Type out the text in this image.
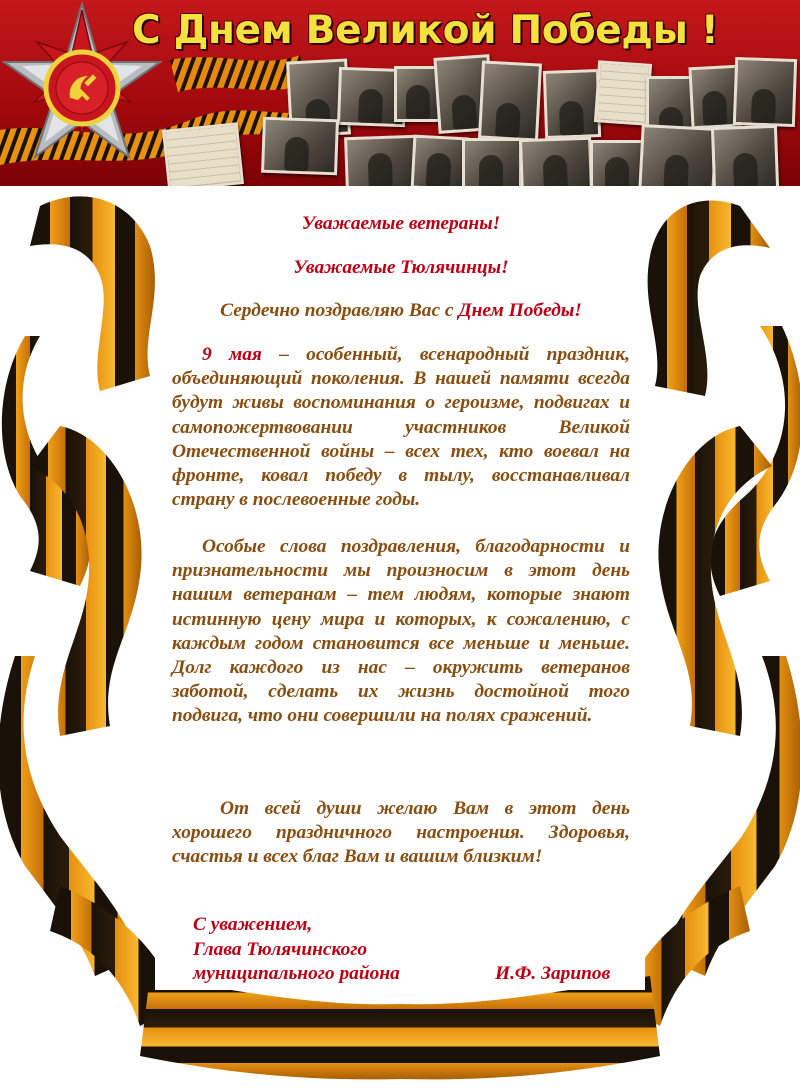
С Днем Великой Победы !

Уважаемые ветераны!

Уважаемые Тюлячинцы!

Сердечно поздравляю Вас с Днем Победы!

9 мая – особенный, всенародный праздник, объединяющий поколения. В нашей памяти всегда будут живы воспоминания о героизме, подвигах и самопожертвовании участников Великой Отечественной войны – всех тех, кто воевал на фронте, ковал победу в тылу, восстанавливал страну в послевоенные годы.

Особые слова поздравления, благодарности и признательности мы произносим в этот день нашим ветеранам – тем людям, которые знают истинную цену мира и которых, к сожалению, с каждым годом становится все меньше и меньше. Долг каждого из нас – окружить ветеранов заботой, сделать их жизнь достойной того подвига, что они совершили на полях сражений.

От всей души желаю Вам в этот день хорошего праздничного настроения. Здоровья, счастья и всех благ Вам и вашим близким!

С уважением,

Глава Тюлячинского

муниципального района	И.Ф. Зарипов
